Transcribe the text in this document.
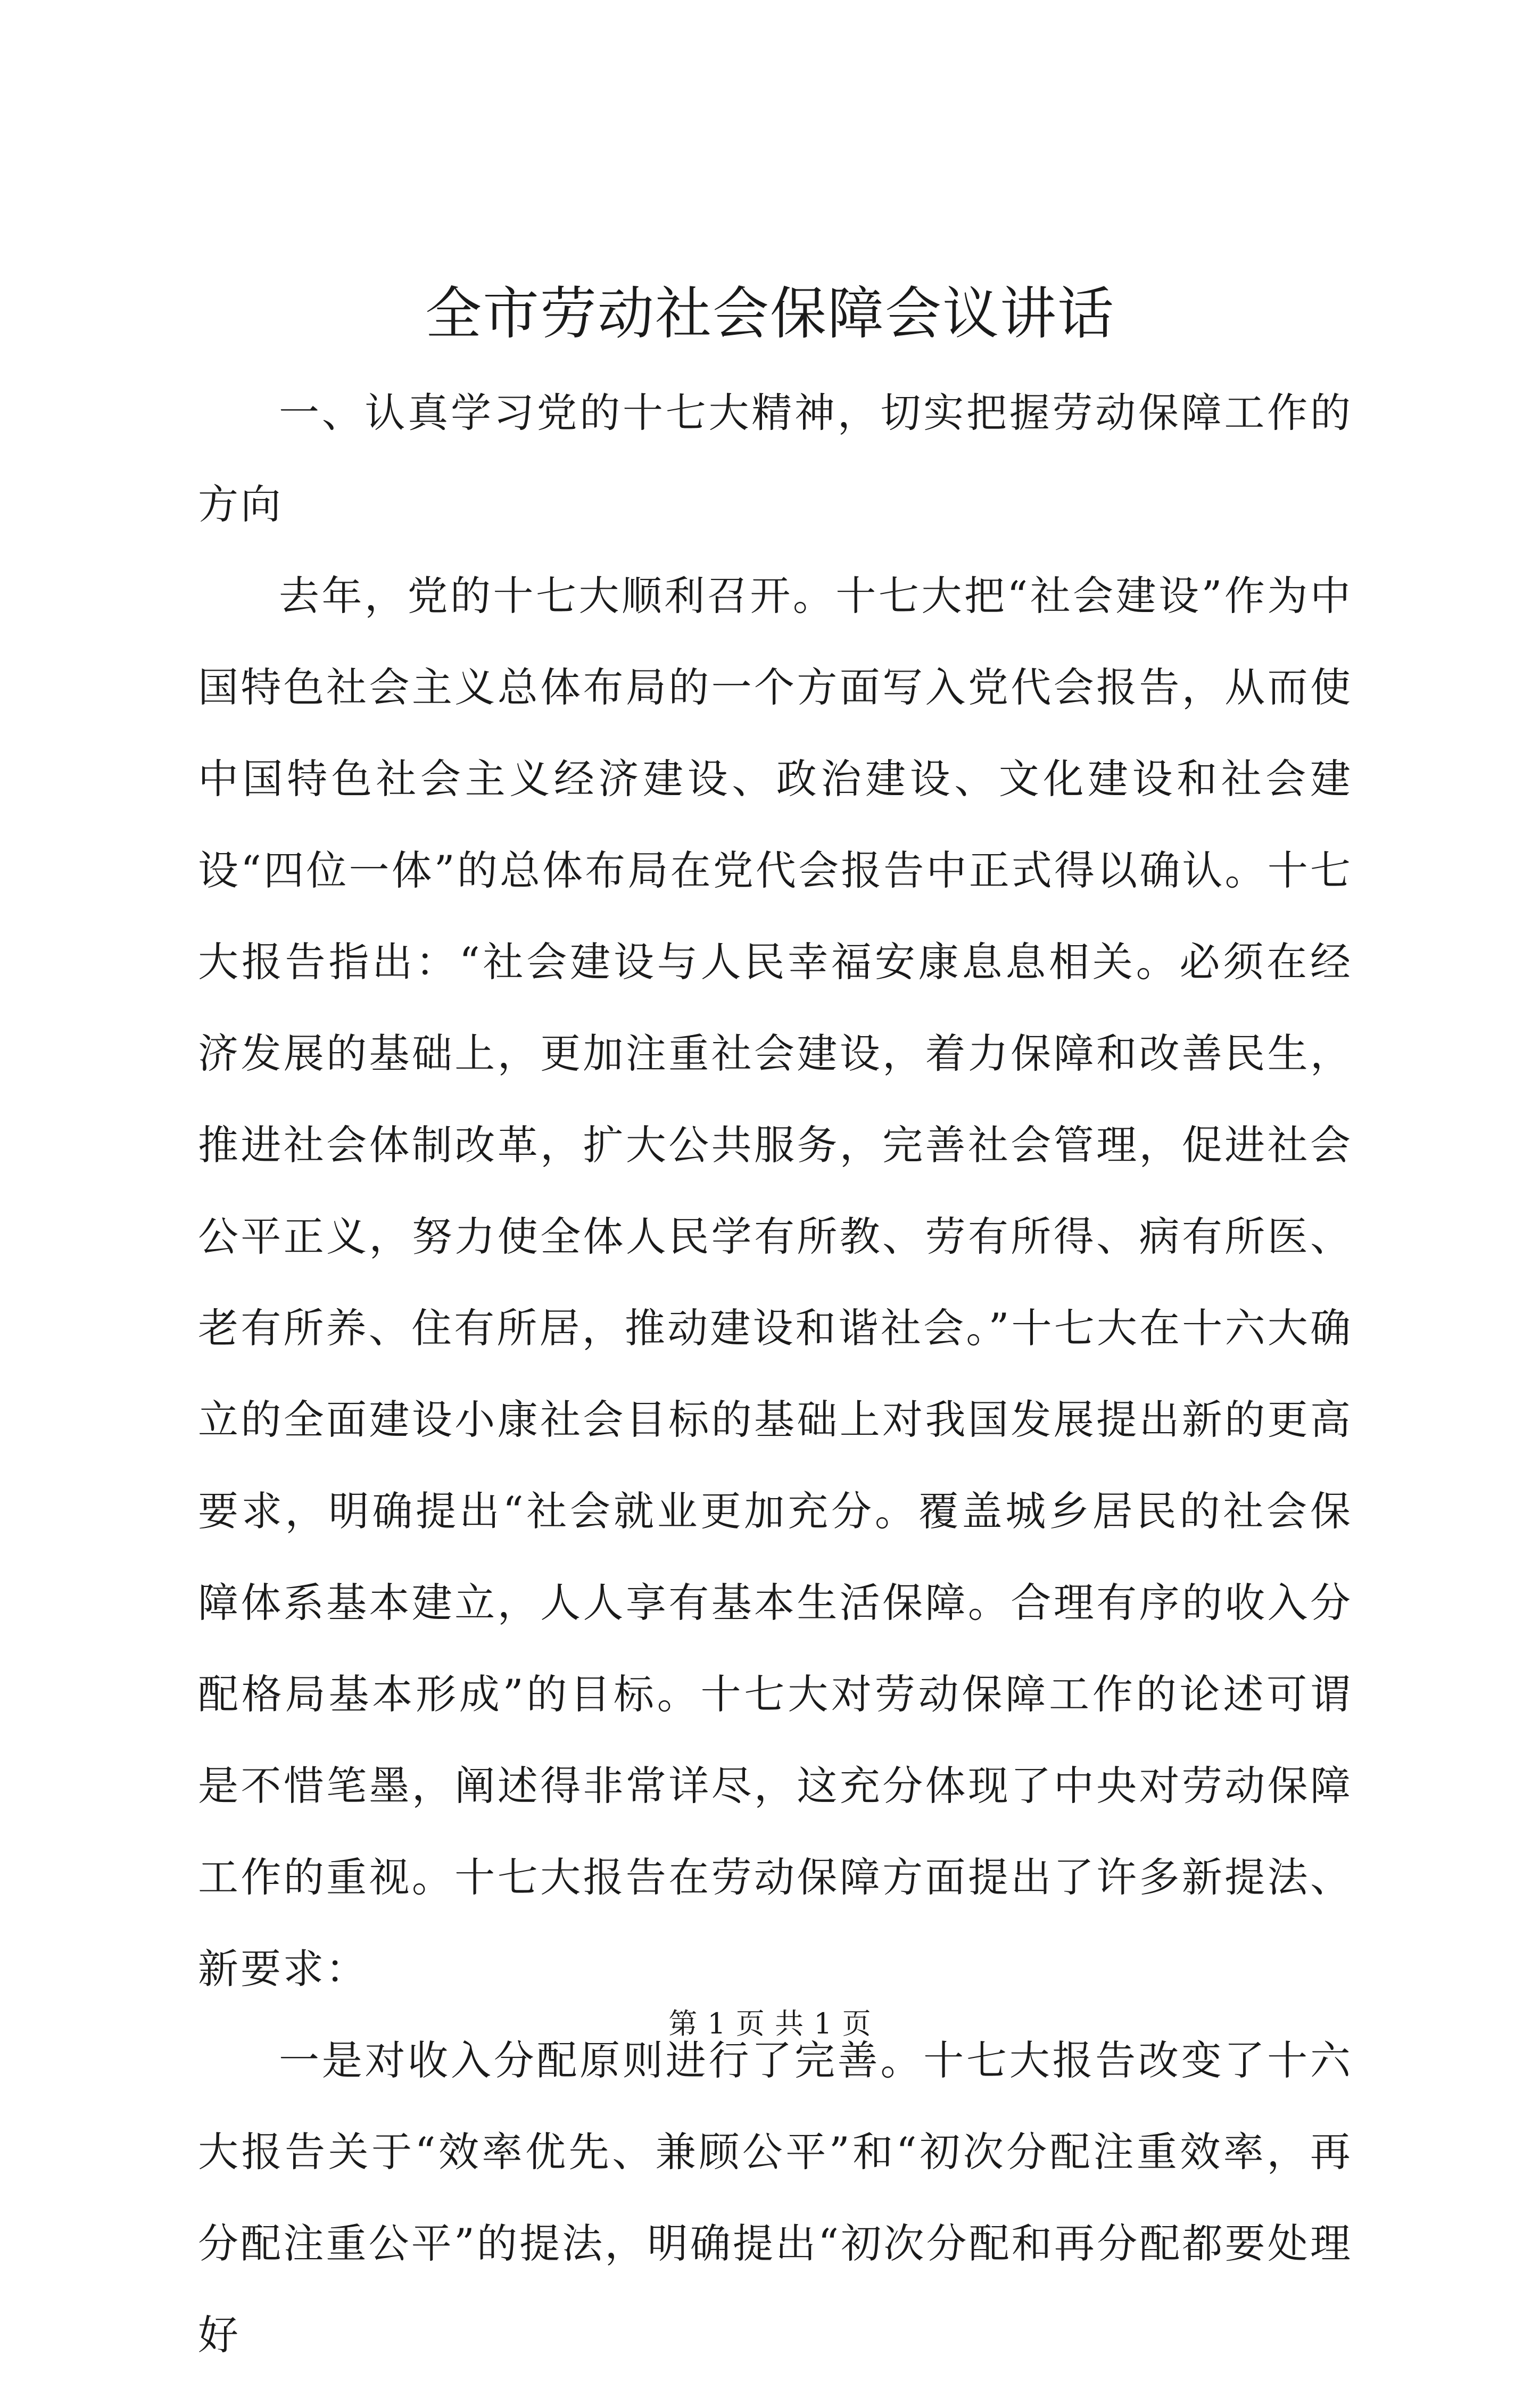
全市劳动社会保障会议讲话

一、认真学习党的十七大精神，切实把握劳动保障工作的方向

去年，党的十七大顺利召开。十七大把“社会建设”作为中国特色社会主义总体布局的一个方面写入党代会报告，从而使中国特色社会主义经济建设、政治建设、文化建设和社会建设“四位一体”的总体布局在党代会报告中正式得以确认。十七大报告指出：“社会建设与人民幸福安康息息相关。必须在经济发展的基础上，更加注重社会建设，着力保障和改善民生，推进社会体制改革，扩大公共服务，完善社会管理，促进社会公平正义，努力使全体人民学有所教、劳有所得、病有所医、老有所养、住有所居，推动建设和谐社会。”十七大在十六大确立的全面建设小康社会目标的基础上对我国发展提出新的更高要求，明确提出“社会就业更加充分。覆盖城乡居民的社会保障体系基本建立，人人享有基本生活保障。合理有序的收入分配格局基本形成”的目标。十七大对劳动保障工作的论述可谓是不惜笔墨，阐述得非常详尽，这充分体现了中央对劳动保障工作的重视。十七大报告在劳动保障方面提出了许多新提法、新要求：

一是对收入分配原则进行了完善。十七大报告改变了十六大报告关于“效率优先、兼顾公平”和“初次分配注重效率，再分配注重公平”的提法，明确提出“初次分配和再分配都要处理好

第 1 页 共 1 页
